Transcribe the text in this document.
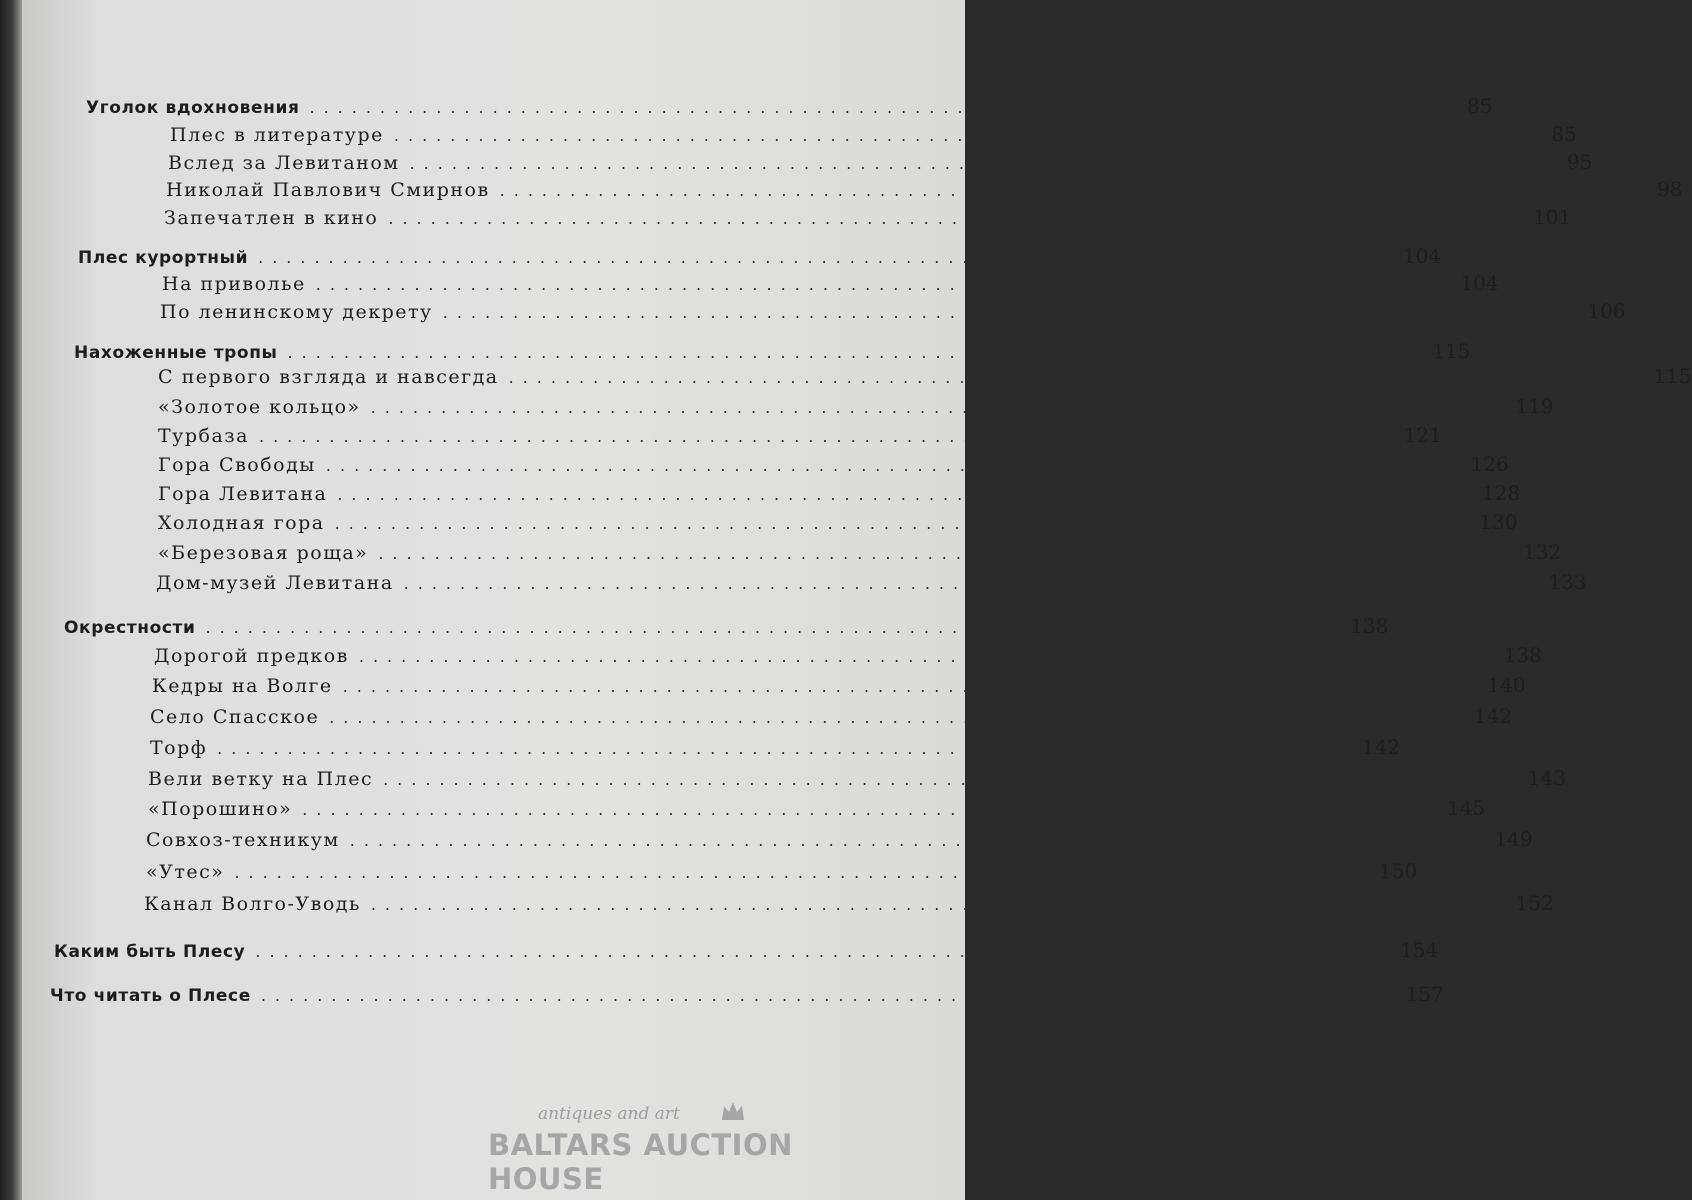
Уголок вдохновения ................................................................................	85
Плес в литературе ................................................................................	85
Вслед за Левитаном ................................................................................	95
Николай Павлович Смирнов ................................................................................	98
Запечатлен в кино ................................................................................ 101
Плес курортный ................................................................................ 104
На приволье ................................................................................ 104
По ленинскому декрету ................................................................................ 106
Нахоженные тропы ................................................................................ 115
С первого взгляда и навсегда ................................................................................ 115
«Золотое кольцо» ................................................................................ 119
Турбаза ................................................................................ 121
Гора Свободы ................................................................................ 126
Гора Левитана ................................................................................ 128
Холодная гора ................................................................................ 130
«Березовая роща» ................................................................................ 132
Дом-музей Левитана ................................................................................ 133
Окрестности ................................................................................ 138
Дорогой предков ................................................................................ 138
Кедры на Волге ................................................................................ 140
Село Спасское ................................................................................ 142
Торф ................................................................................ 142
Вели ветку на Плес ................................................................................ 143
«Порошино» ................................................................................ 145
Совхоз-техникум ................................................................................ 149
«Утес» ................................................................................ 150
Канал Волго-Уводь ................................................................................ 152
Каким быть Плесу ................................................................................ 154
Что читать о Плесе ................................................................................ 157
antiques and art
BALTARS AUCTION HOUSE
